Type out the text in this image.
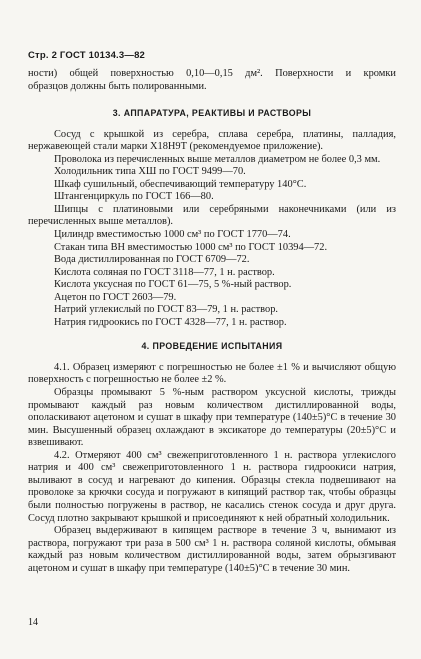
Стр. 2 ГОСТ 10134.3—82

ности) общей поверхностью 0,10—0,15 дм². Поверхности и кромки

образцов должны быть полированными.

3. АППАРАТУРА, РЕАКТИВЫ И РАСТВОРЫ

Сосуд с крышкой из серебра, сплава серебра, платины, палладия, нержавеющей стали марки Х18Н9Т (рекомендуемое приложение).

Проволока из перечисленных выше металлов диаметром не более 0,3 мм.

Холодильник типа ХШ по ГОСТ 9499—70.

Шкаф сушильный, обеспечивающий температуру 140°С.

Штангенциркуль по ГОСТ 166—80.

Шипцы с платиновыми или серебряными наконечниками (или из перечисленных выше металлов).

Цилиндр вместимостью 1000 см³ по ГОСТ 1770—74.

Стакан типа ВН вместимостью 1000 см³ по ГОСТ 10394—72.

Вода дистиллированная по ГОСТ 6709—72.

Кислота соляная по ГОСТ 3118—77, 1 н. раствор.

Кислота уксусная по ГОСТ 61—75, 5 %-ный раствор.

Ацетон по ГОСТ 2603—79.

Натрий углекислый по ГОСТ 83—79, 1 н. раствор.

Натрия гидроокись по ГОСТ 4328—77, 1 н. раствор.

4. ПРОВЕДЕНИЕ ИСПЫТАНИЯ

4.1. Образец измеряют с погрешностью не более ±1 % и вычисляют общую поверхность с погрешностью не более ±2 %.

Образцы промывают 5 %-ным раствором уксусной кислоты, трижды промывают каждый раз новым количеством дистиллированной воды, ополаскивают ацетоном и сушат в шкафу при температуре (140±5)°С в течение 30 мин. Высушенный образец охлаждают в эксикаторе до температуры (20±5)°С и взвешивают.

4.2. Отмеряют 400 см³ свежеприготовленного 1 н. раствора углекислого натрия и 400 см³ свежеприготовленного 1 н. раствора гидроокиси натрия, выливают в сосуд и нагревают до кипения. Образцы стекла подвешивают на проволоке за крючки сосуда и погружают в кипящий раствор так, чтобы образцы были полностью погружены в раствор, не касались стенок сосуда и друг друга. Сосуд плотно закрывают крышкой и присоединяют к ней обратный холодильник.

Образец выдерживают в кипящем растворе в течение 3 ч, вынимают из раствора, погружают три раза в 500 см³ 1 н. раствора соляной кислоты, обмывая каждый раз новым количеством дистиллированной воды, затем обрызгивают ацетоном и сушат в шкафу при температуре (140±5)°С в течение 30 мин.

14
